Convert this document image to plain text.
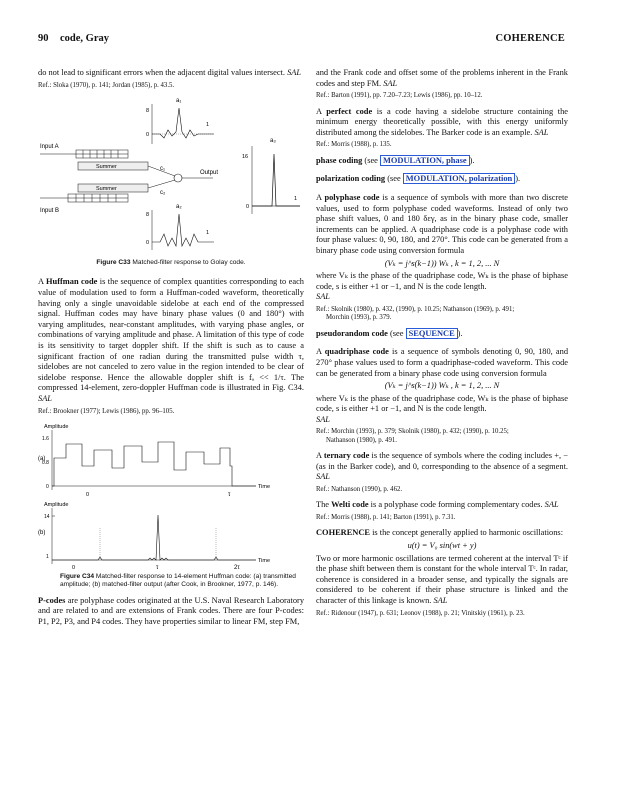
90 code, Gray	COHERENCE

do not lead to significant errors when the adjacent digital values intersect. SAL

Ref.: Sloka (1970), p. 141; Jordan (1985), p. 43.5.
Input A
Summer
Summer
Input B
Output
c₁
c₂
a₁
8
0
1
a₂
8
0
1
a₃
16
0
1
Figure C33 Matched-filter response to Golay code.

A Huffman code is the sequence of complex quantities corresponding to each value of modulation used to form a Huffman-coded waveform, theoretically having only a single unavoidable sidelobe at each end of the compressed signal. Huffman codes may have binary phase values (0 and 180°) with varying amplitudes, near-constant amplitudes, with varying phase angles, or combinations of varying amplitude and phase. A limitation of this type of code is its sensitivity to target doppler shift. If the shift is such as to cause a significant fraction of one radian during the transmitted pulse width τ, sidelobes are not canceled to zero value in the region intended to be clear of sidelobe response. Hence the allowable doppler shift is fₐ << 1/τ. The compressed 14-element, zero-doppler Huffman code is illustrated in Fig. C34. SAL

Ref.: Brookner (1977); Lewis (1986), pp. 96–105.
Amplitude
(a)
1.6
0.8
0
0	τ
Time
Amplitude
(b)
14
1
0	τ	2τ
Time
Figure C34 Matched-filter response to 14-element Huffman code: (a) transmitted amplitude; (b) matched-filter output (after Cook, in Brookner, 1977, p. 146).

P-codes are polyphase codes originated at the U.S. Naval Research Laboratory and are related to and are extensions of Frank codes. There are four P-codes: P1, P2, P3, and P4 codes. They have properties similar to linear FM, step FM,

and the Frank code and offset some of the problems inherent in the Frank codes and step FM. SAL

Ref.: Barton (1991), pp. 7.20–7.23; Lewis (1986), pp. 10–12.

A perfect code is a code having a sidelobe structure containing the minimum energy theoretically possible, with this energy uniformly distributed among the sidelobes. The Barker code is an example. SAL

Ref.: Morris (1988), p. 135.

phase coding (see MODULATION, phase ).

polarization coding (see MODULATION, polarization ).

A polyphase code is a sequence of symbols with more than two discrete values, used to form polyphase coded waveforms. Instead of only two phase shift values, 0 and 180 δεγ, as in the binary phase code, smaller increments can be applied. A quadriphase code is a polyphase code with four phase values: 0, 90, 180, and 270°. This code can be generated from a binary phase code using conversion formula

(Vₖ = j^s(k−1)) Wₖ , k = 1, 2, ... N

where Vₖ is the phase of the quadriphase code, Wₖ is the phase of biphase code, s is either +1 or −1, and N is the code length.

SAL

Ref.: Skolnik (1980), p. 432, (1990), p. 10.25; Nathanson (1969), p. 491;
Morchin (1993), p. 379.

pseudorandom code (see SEQUENCE ).

A quadriphase code is a sequence of symbols denoting 0, 90, 180, and 270° phase values used to form a quadriphase-coded waveform. This code can be generated from a binary phase code using conversion formula

(Vₖ = j^s(k−1)) Wₖ , k = 1, 2, ... N

where Vₖ is the phase of the quadriphase code, Wₖ is the phase of biphase code, s is either +1 or −1, and N is the code length.

SAL

Ref.: Morchin (1993), p. 379; Skolnik (1980), p. 432; (1990), p. 10.25;
Nathanson (1980), p. 491.

A ternary code is the sequence of symbols where the coding includes +, − (as in the Barker code), and 0, corresponding to the absence of a segment. SAL

Ref.: Nathanson (1990), p. 462.

The Welti code is a polyphase code forming complementary codes. SAL

Ref.: Morris (1988), p. 141; Barton (1991), p. 7.31.

COHERENCE is the concept generally applied to harmonic oscillations:

u(t) = V₀ sin(wt + y)

Two or more harmonic oscillations are termed coherent at the interval Tᶜ if the phase shift between them is constant for the whole interval Tᶜ. In radar, coherence is considered in a broader sense, and typically the signals are considered to be coherent if their phase structure is linked and the character of this linkage is known. SAL

Ref.: Ridenour (1947), p. 631; Leonov (1988), p. 21; Vinitskiy (1961), p. 23.
